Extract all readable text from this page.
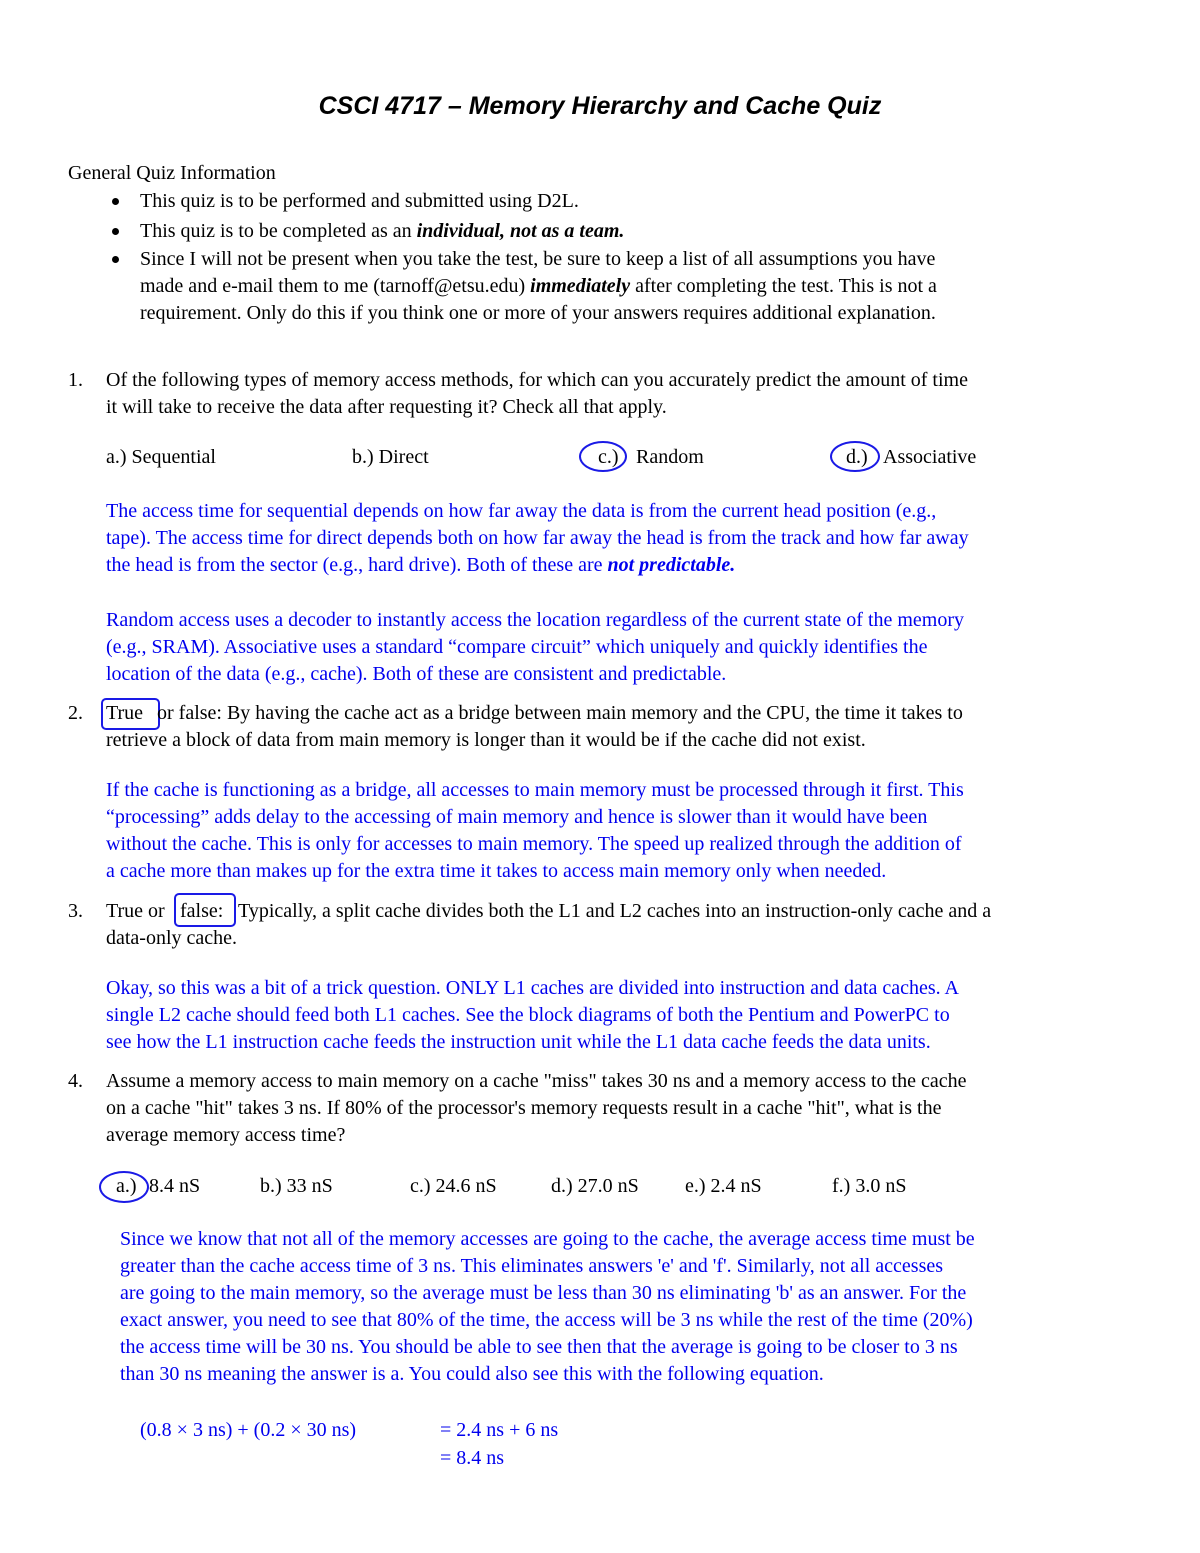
CSCI 4717 – Memory Hierarchy and Cache Quiz
General Quiz Information
This quiz is to be performed and submitted using D2L.
This quiz is to be completed as an individual, not as a team.
Since I will not be present when you take the test, be sure to keep a list of all assumptions you have
made and e-mail them to me (tarnoff@etsu.edu) immediately after completing the test. This is not a
requirement. Only do this if you think one or more of your answers requires additional explanation.
1. Of the following types of memory access methods, for which can you accurately predict the amount of time
it will take to receive the data after requesting it? Check all that apply.
a.) Sequential	b.) Direct	c.) Random	d.) Associative
The access time for sequential depends on how far away the data is from the current head position (e.g.,
tape). The access time for direct depends both on how far away the head is from the track and how far away
the head is from the sector (e.g., hard drive). Both of these are not predictable.
Random access uses a decoder to instantly access the location regardless of the current state of the memory
(e.g., SRAM). Associative uses a standard “compare circuit” which uniquely and quickly identifies the
location of the data (e.g., cache). Both of these are consistent and predictable.
2. True or false: By having the cache act as a bridge between main memory and the CPU, the time it takes to
retrieve a block of data from main memory is longer than it would be if the cache did not exist.
If the cache is functioning as a bridge, all accesses to main memory must be processed through it first. This
“processing” adds delay to the accessing of main memory and hence is slower than it would have been
without the cache. This is only for accesses to main memory. The speed up realized through the addition of
a cache more than makes up for the extra time it takes to access main memory only when needed.
3. True or false: Typically, a split cache divides both the L1 and L2 caches into an instruction-only cache and a
data-only cache.
Okay, so this was a bit of a trick question. ONLY L1 caches are divided into instruction and data caches. A
single L2 cache should feed both L1 caches. See the block diagrams of both the Pentium and PowerPC to
see how the L1 instruction cache feeds the instruction unit while the L1 data cache feeds the data units.
4. Assume a memory access to main memory on a cache "miss" takes 30 ns and a memory access to the cache
on a cache "hit" takes 3 ns. If 80% of the processor's memory requests result in a cache "hit", what is the
average memory access time?
a.) 8.4 nS	b.) 33 nS	c.) 24.6 nS	d.) 27.0 nS e.) 2.4 nS	f.) 3.0 nS
Since we know that not all of the memory accesses are going to the cache, the average access time must be
greater than the cache access time of 3 ns. This eliminates answers 'e' and 'f'. Similarly, not all accesses
are going to the main memory, so the average must be less than 30 ns eliminating 'b' as an answer. For the
exact answer, you need to see that 80% of the time, the access will be 3 ns while the rest of the time (20%)
the access time will be 30 ns. You should be able to see then that the average is going to be closer to 3 ns
than 30 ns meaning the answer is a. You could also see this with the following equation.
(0.8 × 3 ns) + (0.2 × 30 ns)	= 2.4 ns + 6 ns
= 8.4 ns
